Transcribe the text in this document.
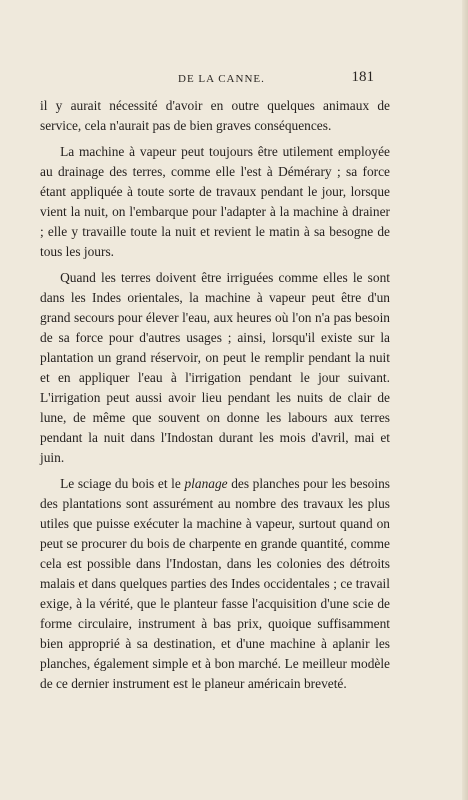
DE LA CANNE.	181

il y aurait nécessité d'avoir en outre quelques animaux de service, cela n'aurait pas de bien graves conséquences.

La machine à vapeur peut toujours être utilement employée au drainage des terres, comme elle l'est à Démérary ; sa force étant appliquée à toute sorte de travaux pendant le jour, lorsque vient la nuit, on l'embarque pour l'adapter à la machine à drainer ; elle y travaille toute la nuit et revient le matin à sa besogne de tous les jours.

Quand les terres doivent être irriguées comme elles le sont dans les Indes orientales, la machine à vapeur peut être d'un grand secours pour élever l'eau, aux heures où l'on n'a pas besoin de sa force pour d'autres usages ; ainsi, lorsqu'il existe sur la plantation un grand réservoir, on peut le remplir pendant la nuit et en appliquer l'eau à l'irrigation pendant le jour suivant. L'irrigation peut aussi avoir lieu pendant les nuits de clair de lune, de même que souvent on donne les labours aux terres pendant la nuit dans l'Indostan durant les mois d'avril, mai et juin.

Le sciage du bois et le planage des planches pour les besoins des plantations sont assurément au nombre des travaux les plus utiles que puisse exécuter la machine à vapeur, surtout quand on peut se procurer du bois de charpente en grande quantité, comme cela est possible dans l'Indostan, dans les colonies des détroits malais et dans quelques parties des Indes occidentales ; ce travail exige, à la vérité, que le planteur fasse l'acquisition d'une scie de forme circulaire, instrument à bas prix, quoique suffisamment bien approprié à sa destination, et d'une machine à aplanir les planches, également simple et à bon marché. Le meilleur modèle de ce dernier instrument est le planeur américain breveté.
